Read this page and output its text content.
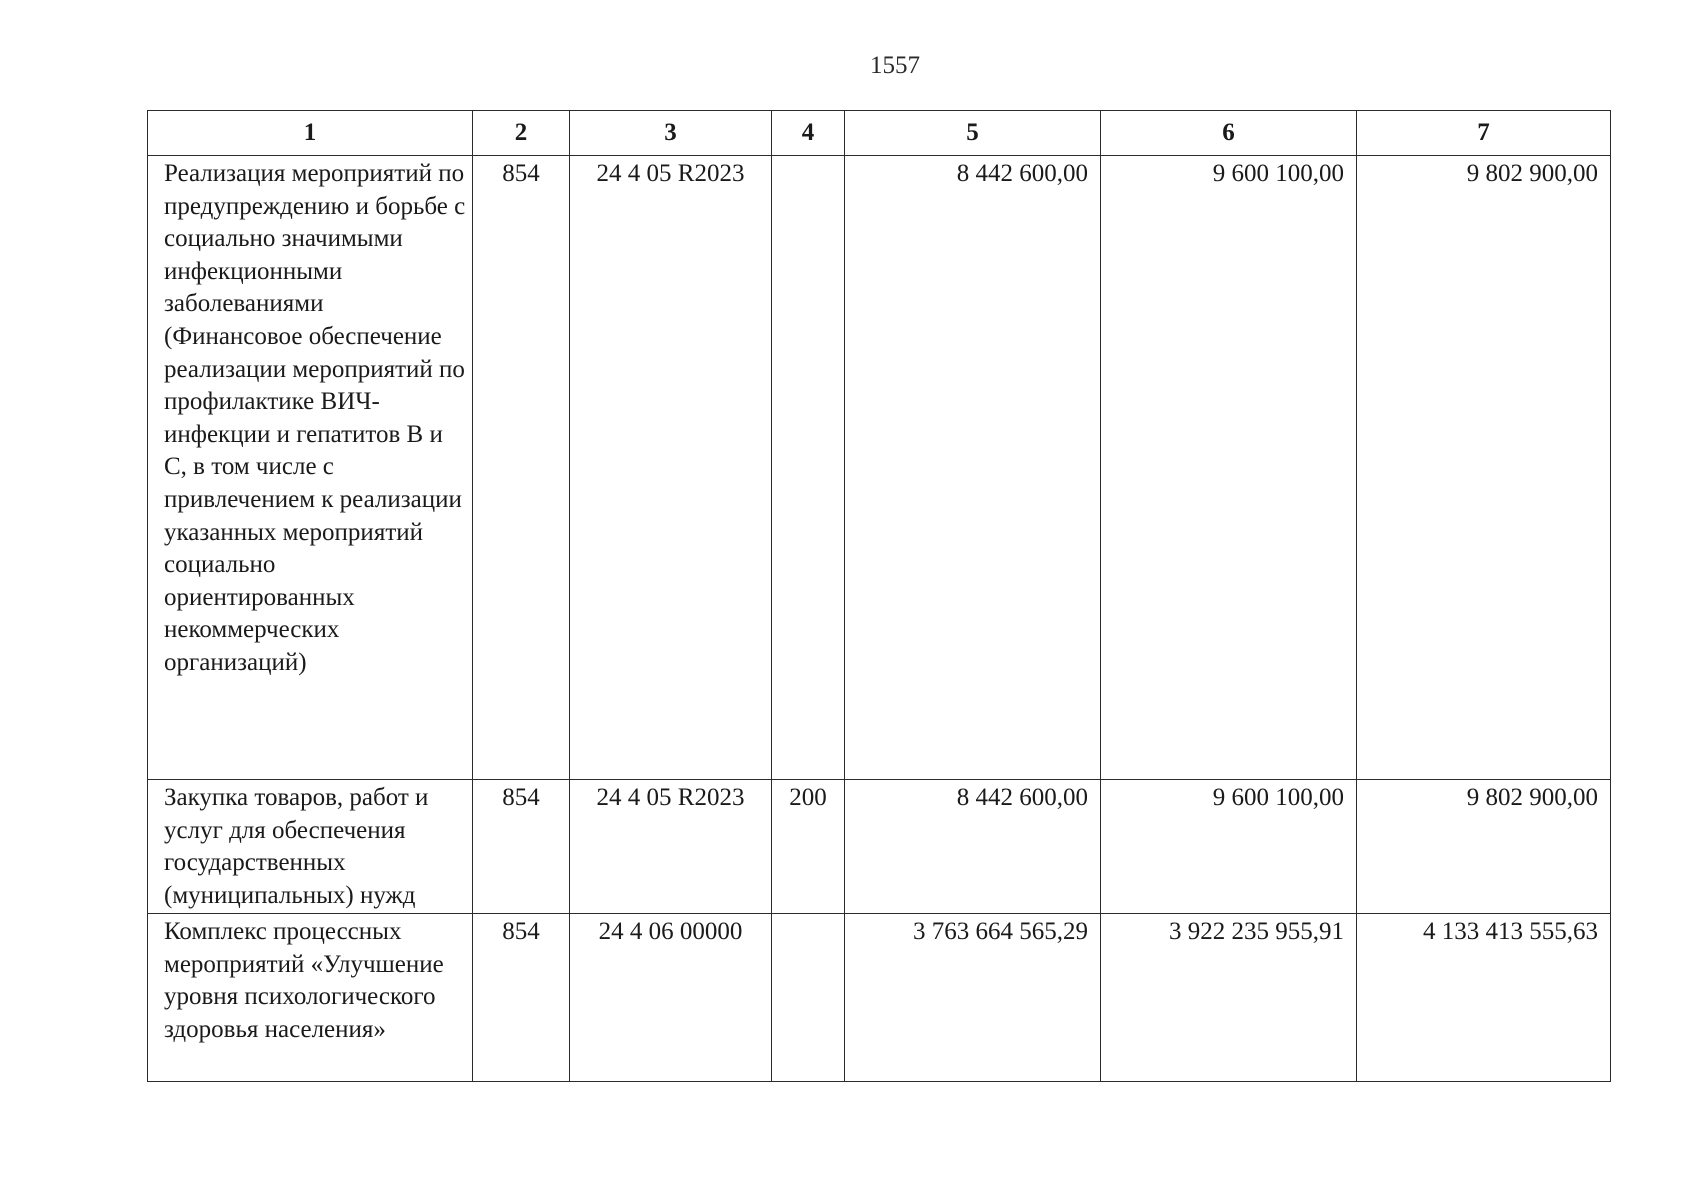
1557
1	2	3	4	5	6	7
Реализация мероприятий по предупреждению и борьбе с социально значимыми инфекционными заболеваниями (Финансовое обеспечение реализации мероприятий по профилактике ВИЧ-инфекции и гепатитов В и С, в том числе с привлечением к реализации указанных мероприятий социально ориентированных некоммерческих организаций)	854	24 4 05 R2023		8 442 600,00	9 600 100,00	9 802 900,00
Закупка товаров, работ и услуг для обеспечения государственных (муниципальных) нужд	854	24 4 05 R2023	200	8 442 600,00	9 600 100,00	9 802 900,00
Комплекс процессных мероприятий «Улучшение уровня психологического здоровья населения»	854	24 4 06 00000		3 763 664 565,29	3 922 235 955,91	4 133 413 555,63
